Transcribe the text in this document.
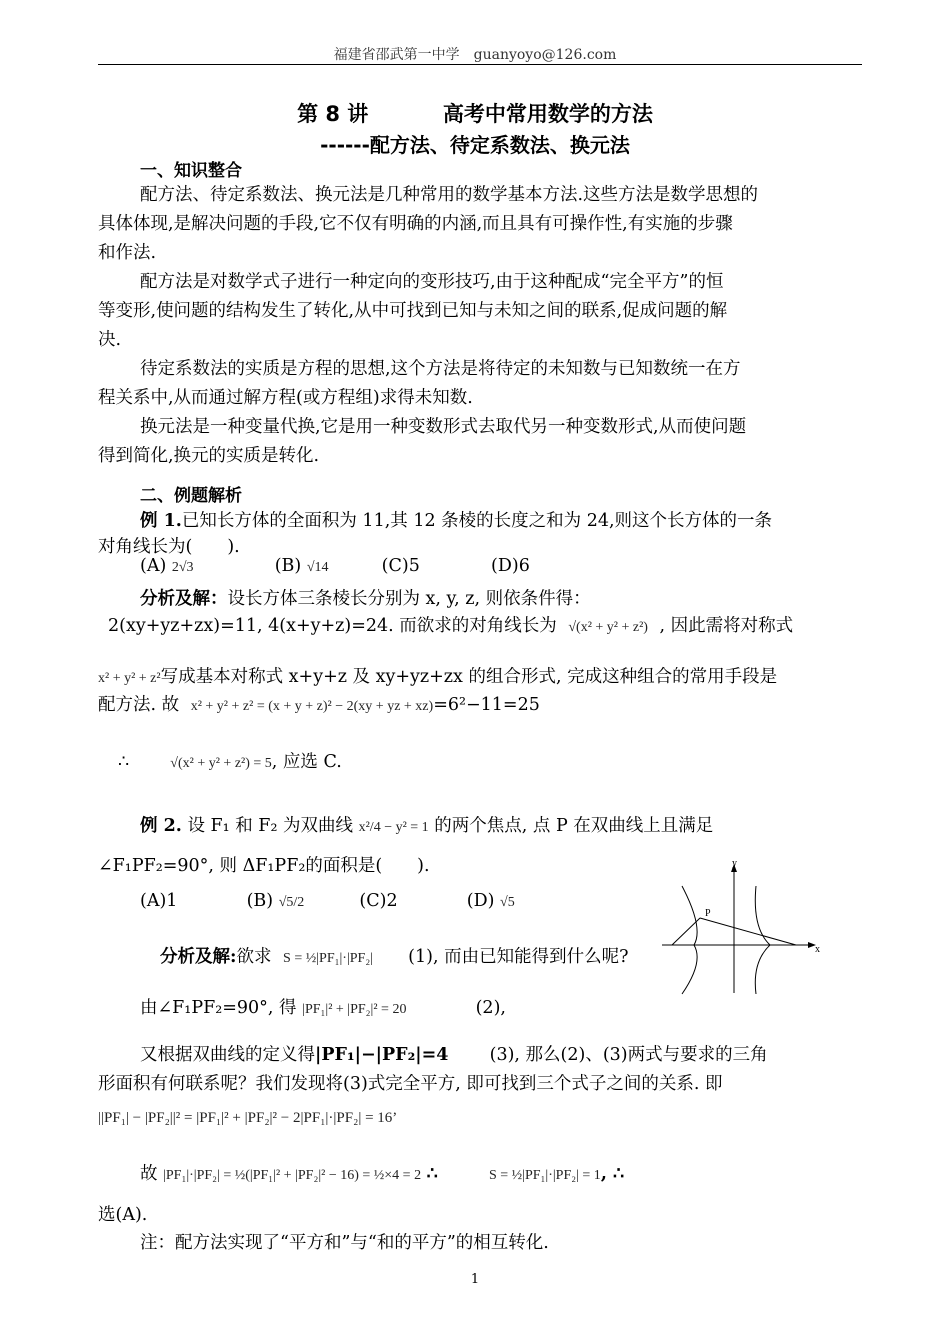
福建省邵武第一中学　guanyoyo@126.com
第 8 讲	高考中常用数学的方法
------配方法、待定系数法、换元法
一、知识整合
配方法、待定系数法、换元法是几种常用的数学基本方法.这些方法是数学思想的
具体体现,是解决问题的手段,它不仅有明确的内涵,而且具有可操作性,有实施的步骤
和作法.
配方法是对数学式子进行一种定向的变形技巧,由于这种配成“完全平方”的恒
等变形,使问题的结构发生了转化,从中可找到已知与未知之间的联系,促成问题的解
决.
待定系数法的实质是方程的思想,这个方法是将待定的未知数与已知数统一在方
程关系中,从而通过解方程(或方程组)求得未知数.
换元法是一种变量代换,它是用一种变数形式去取代另一种变数形式,从而使问题
得到简化,换元的实质是转化.
二、例题解析
例 1.已知长方体的全面积为 11,其 12 条棱的长度之和为 24,则这个长方体的一条
对角线长为(　　).
(A) 2√3	(B) √14	(C)5	(D)6
分析及解：设长方体三条棱长分别为 x, y, z, 则依条件得：
2(xy+yz+zx)=11, 4(x+y+z)=24. 而欲求的对角线长为 √(x² + y² + z²) , 因此需将对称式
x² + y² + z²写成基本对称式 x+y+z 及 xy+yz+zx 的组合形式, 完成这种组合的常用手段是
配方法. 故 x² + y² + z² = (x + y + z)² − 2(xy + yz + xz)=6²−11=25
∴	√(x² + y² + z²) = 5, 应选 C.
例 2. 设 F₁ 和 F₂ 为双曲线 x²/4 − y² = 1 的两个焦点, 点 P 在双曲线上且满足
∠F₁PF₂=90°, 则 ΔF₁PF₂的面积是(　　).
(A)1	(B) √5/2	(C)2	(D) √5
分析及解:欲求 S = ½|PF₁|·|PF₂| (1), 而由已知能得到什么呢?
由∠F₁PF₂=90°, 得 |PF₁|² + |PF₂|² = 20	(2),
又根据双曲线的定义得|PF₁|−|PF₂|=4 (3), 那么(2)、(3)两式与要求的三角
形面积有何联系呢？我们发现将(3)式完全平方, 即可找到三个式子之间的关系. 即
||PF₁| − |PF₂||² = |PF₁|² + |PF₂|² − 2|PF₁|·|PF₂| = 16’
故 |PF₁|·|PF₂| = ½(|PF₁|² + |PF₂|² − 16) = ½×4 = 2 ∴	S = ½|PF₁|·|PF₂| = 1, ∴
选(A).
注：配方法实现了“平方和”与“和的平方”的相互转化.
y
x
P
1
